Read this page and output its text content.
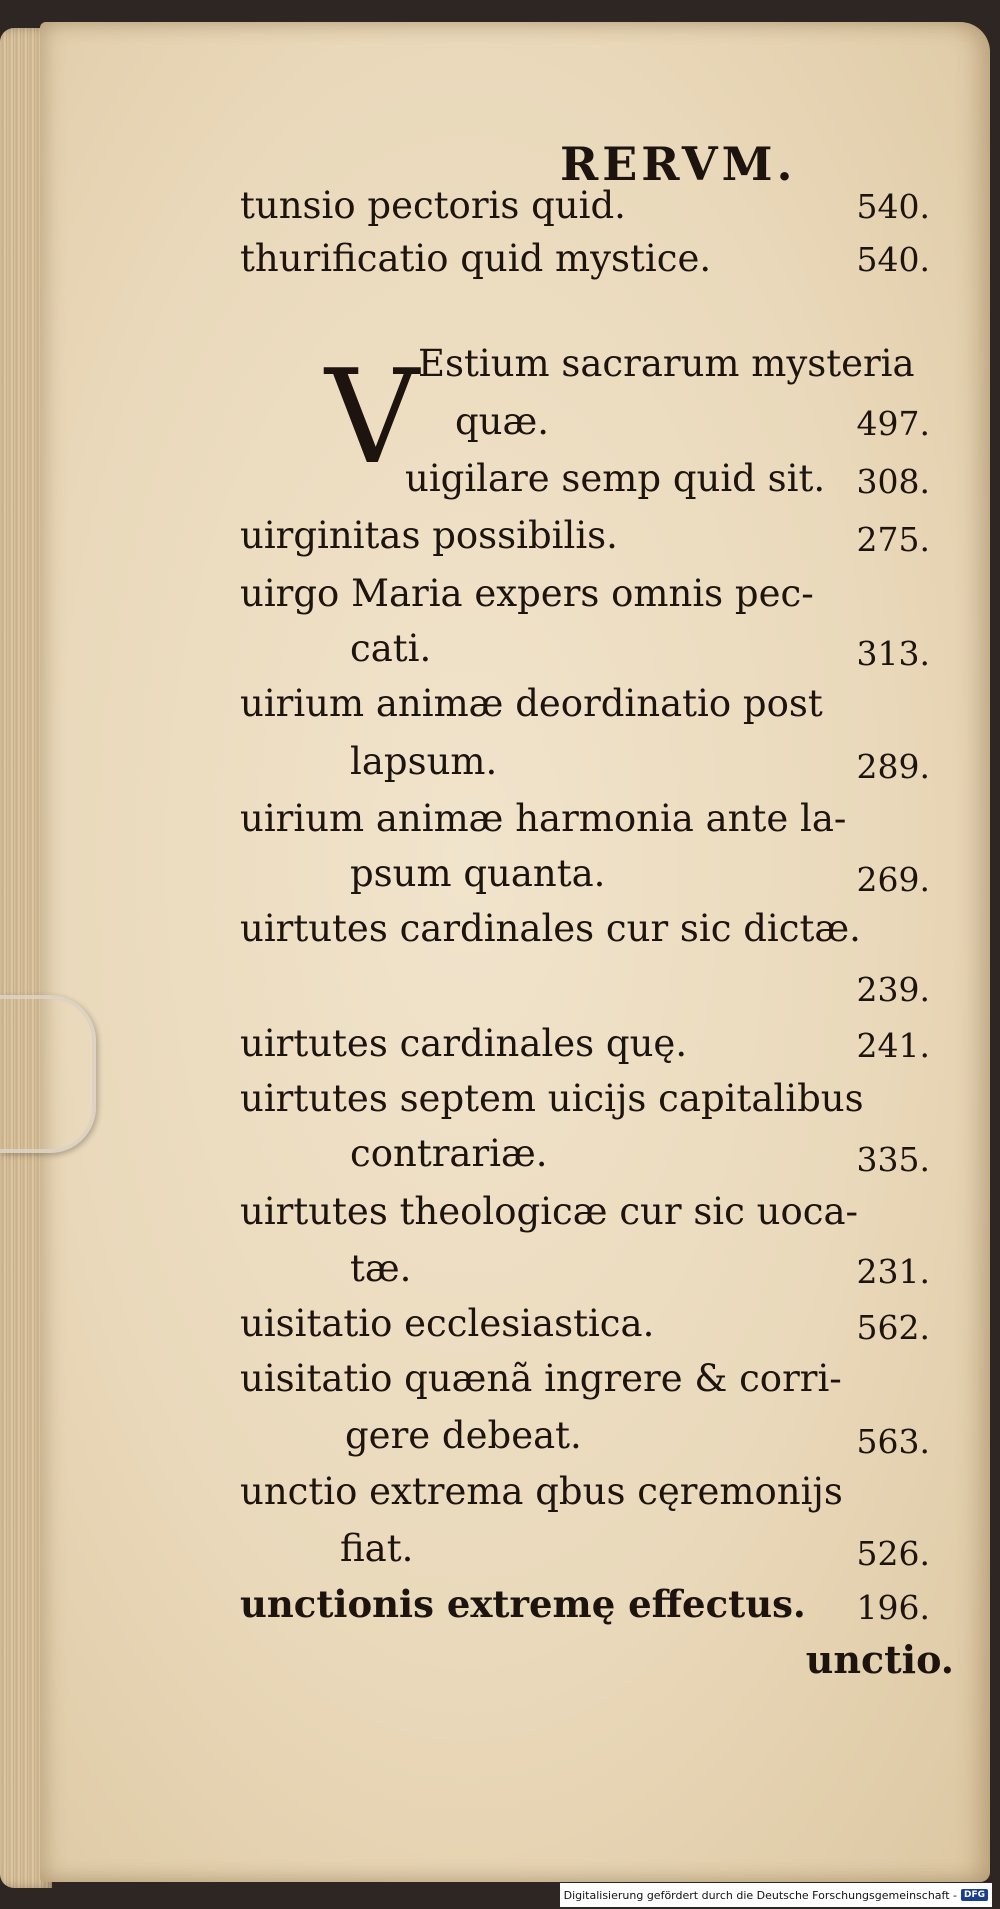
RERVM.
V
tunsio pectoris quid.	540.
thurificatio quid mystice.	540.
Estium sacrarum mysteria
quæ.	497.
uigilare semp quid sit. 308.
uirginitas possibilis.	275.
uirgo Maria expers omnis pec-
cati.	313.
uirium animæ deordinatio post
lapsum.	289.
uirium animæ harmonia ante la-
psum quanta.	269.
uirtutes cardinales cur sic dictæ.
239.
uirtutes cardinales quę.	241.
uirtutes septem uicijs capitalibus
contrariæ.	335.
uirtutes theologicæ cur sic uoca-
tæ.	231.
uisitatio ecclesiastica.	562.
uisitatio quænã ingrere & corri-
gere debeat.	563.
unctio extrema qbus cęremonijs
fiat.	526.
unctionis extremę effectus. 196.
unctio.
Digitalisierung gefördert durch die Deutsche Forschungsgemeinschaft - DFG
